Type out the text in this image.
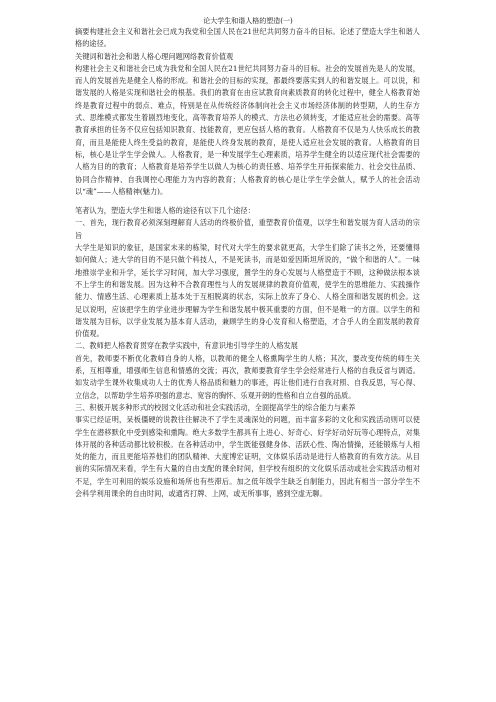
论大学生和谐人格的塑造(一)

摘要构建社会主义和谐社会已成为我党和全国人民在21世纪共同努力奋斗的目标。论述了塑造大学生和谐人格的途径。

关键词和谐社会和谐人格心理问题网络教育价值观

构建社会主义和谐社会已成为我党和全国人民在21世纪共同努力奋斗的目标。社会的发展首先是人的发展，而人的发展首先是健全人格的形成。和谐社会的目标的实现，都最终要落实到人的和谐发展上。可以说，和谐发展的人格是实现和谐社会的根基。我们的教育在由应试教育向素质教育的转化过程中，健全人格教育始终是教育过程中的弱点、难点，特别是在从传统经济体制向社会主义市场经济体制的转型期，人的生存方式、思维模式都发生着剧烈地变化，高等教育培养人的模式、方法也必须转变，才能适应社会的需要。高等教育承担的任务不仅应包括知识教育、技能教育，更应包括人格的教育。人格教育不仅是为人快乐成长的教育，而且是能使人终生受益的教育，是能使人终身发展的教育，是使人适应社会发展的教育。人格教育的目标，核心是让学生学会做人。人格教育，是一种发展学生心理素质，培养学生健全的以适应现代社会需要的人格为目的的教育；人格教育是培养学生以做人为核心的责任感、培养学生开拓探索能力、社会交往品质、协同合作精神、自我调控心理能力为内容的教育；人格教育的核心是让学生学会做人，赋予人的社会活动以“魂”——人格精神(魅力)。

笔者认为，塑造大学生和谐人格的途径有以下几个途径：

一、首先，现行教育必须深刻理解育人活动的终极价值，重塑教育价值观，以学生和谐发展为育人活动的宗旨

大学生是知识的象征，是国家未来的栋梁，时代对大学生的要求就更高，大学生们除了读书之外，还要懂得如何做人；进大学的目的不是只做个科技人，不是死读书，而是如爱因斯坦所说的，“做个和谐的人”。一味地推崇学业和升学，延长学习时间，加大学习强度，置学生的身心发展与人格塑造于不顾，这种做法根本谈不上学生的和谐发展。因为这种不合教育理性与人的发展规律的教育价值观，使学生的思维能力、实践操作能力、情感生活、心理素质上基本处于互相脱离的状态，实际上放弃了身心、人格全面和谐发展的机会。这足以说明，应该把学生的学业进步理解为学生和谐发展中极其重要的方面，但不是唯一的方面。以学生的和谐发展为目标，以学业发展为基本育人活动，兼顾学生的身心发育和人格塑造，才合乎人的全面发展的教育价值观。

二、教师把人格教育贯穿在教学实践中，有意识地引导学生的人格发展

首先，教师要不断优化教师自身的人格，以教师的健全人格熏陶学生的人格；其次，要改变传统的师生关系，互相尊重，增强师生信息和情感的交流；再次，教师要教育学生学会经常进行人格的自我反省与调适。如发动学生课外收集成功人士的优秀人格品质和魅力的事迹，再让他们进行自我对照、自我反思，写心得、立信念，以帮助学生培养项强的意志、宽容的胸怀、乐观开朗的性格和自立自强的品质。

三、积极开展多种形式的校园文化活动和社会实践活动，全面提高学生的综合能力与素养

事实已经证明，呆板僵硬的说教往往解决不了学生灵魂深处的问题，而丰富多彩的文化和实践活动则可以使学生在潜移默化中受到感染和熏陶。绝大多数学生都具有上进心、好奇心、好学好动好玩等心理特点，对集体开展的各种活动都比较积极。在各种活动中，学生既能强健身体、活跃心性、陶冶情操，还能锻炼与人相处的能力，而且更能培养他们的团队精神、大度博宏证明，文体娱乐活动是进行人格教育的有效方法。从目前的实际情况来看，学生有大量的自由支配的课余时间，但学校有组织的文化娱乐活动或社会实践活动相对不足，学生可利用的娱乐设施和场所也有些滞后。加之低年级学生缺乏自制能力，因此有相当一部分学生不会科学利用课余的自由时间，或通宵打牌、上网，或无所事事，感到空虚无聊。
